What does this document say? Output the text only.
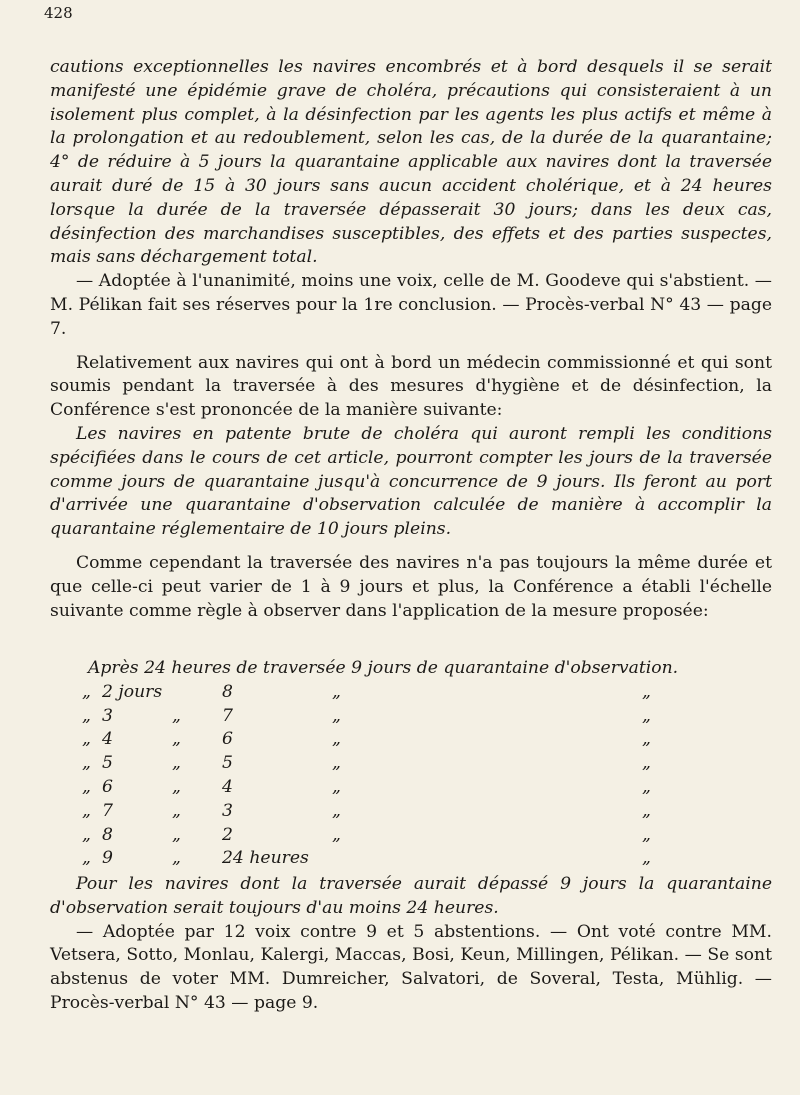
428

cautions exceptionnelles les navires encombrés et à bord desquels il se serait manifesté une épidémie grave de choléra, précautions qui consisteraient à un isolement plus complet, à la désinfection par les agents les plus actifs et même à la prolongation et au redoublement, selon les cas, de la durée de la quarantaine; 4° de réduire à 5 jours la quarantaine applicable aux navires dont la traversée aurait duré de 15 à 30 jours sans aucun accident cholérique, et à 24 heures lorsque la durée de la traversée dépasserait 30 jours; dans les deux cas, désinfection des marchandises susceptibles, des effets et des parties suspectes, mais sans déchargement total.

— Adoptée à l'unanimité, moins une voix, celle de M. Goodeve qui s'abstient. — M. Pélikan fait ses réserves pour la 1re conclusion. — Procès-verbal N° 43 — page 7.

Relativement aux navires qui ont à bord un médecin commissionné et qui sont soumis pendant la traversée à des mesures d'hygiène et de désinfection, la Conférence s'est prononcée de la manière suivante:

Les navires en patente brute de choléra qui auront rempli les conditions spécifiées dans le cours de cet article, pourront compter les jours de la traversée comme jours de quarantaine jusqu'à concurrence de 9 jours. Ils feront au port d'arrivée une quarantaine d'observation calculée de manière à accomplir la quarantaine réglementaire de 10 jours pleins.

Comme cependant la traversée des navires n'a pas toujours la même durée et que celle-ci peut varier de 1 à 9 jours et plus, la Conférence a établi l'échelle suivante comme règle à observer dans l'application de la mesure proposée:

Après 24 heures de traversée 9 jours de quarantaine d'observation.
„ 2 jours	8	„	„
„ 3	„ 7	„	„
„ 4	„ 6	„	„
„ 5	„ 5	„	„
„ 6	„ 4	„	„
„ 7	„ 3	„	„
„ 8	„ 2	„	„
„ 9	„ 24 heures	„

Pour les navires dont la traversée aurait dépassé 9 jours la quarantaine d'observation serait toujours d'au moins 24 heures.

— Adoptée par 12 voix contre 9 et 5 abstentions. — Ont voté contre MM. Vetsera, Sotto, Monlau, Kalergi, Maccas, Bosi, Keun, Millingen, Pélikan. — Se sont abstenus de voter MM. Dumreicher, Salvatori, de Soveral, Testa, Mühlig. — Procès-verbal N° 43 — page 9.
